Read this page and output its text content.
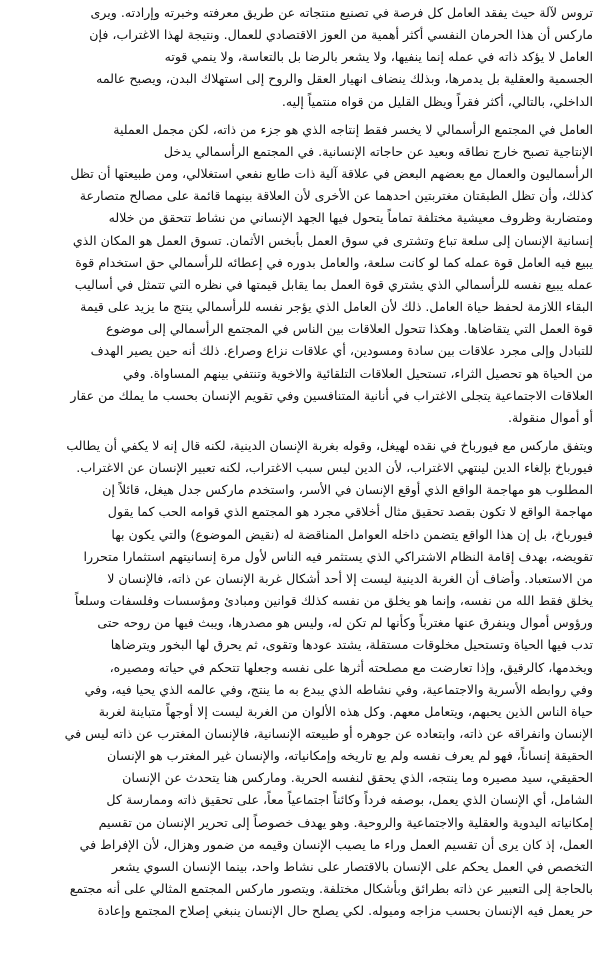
تروس لآلة حيث يفقد العامل كل فرصة في تصنيع منتجاته عن طريق معرفته وخبرته وإرادته. ويرى
ماركس أن هذا الحرمان النفسي أكثر أهمية من العوز الاقتصادي للعمال. ونتيجة لهذا الاغتراب، فإن
العامل لا يؤكد ذاته في عمله إنما ينفيها، ولا يشعر بالرضا بل بالتعاسة، ولا ينمي قوته
الجسمية والعقلية بل يدمرها، وبذلك ينضاف انهيار العقل والروح إلى استهلاك البدن، ويصبح عالمه
الداخلي، بالتالي، أكثر فقراً ويظل القليل من قواه منتمياً إليه.
العامل في المجتمع الرأسمالي لا يخسر فقط إنتاجه الذي هو جزء من ذاته، لكن مجمل العملية
الإنتاجية تصبح خارج نطاقه وبعيد عن حاجاته الإنسانية. في المجتمع الرأسمالي يدخل
الرأسماليون والعمال مع بعضهم البعض في علاقة آلية ذات طابع نفعي استغلالي، ومن طبيعتها أن تظل
كذلك، وأن تظل الطبقتان مغتربتين احدهما عن الأخرى لأن العلاقة بينهما قائمة على مصالح متصارعة
ومتضاربة وظروف معيشية مختلفة تماماً يتحول فيها الجهد الإنساني من نشاط تتحقق من خلاله
إنسانية الإنسان إلى سلعة تباع وتشترى في سوق العمل بأبخس الأثمان. تسوق العمل هو المكان الذي
يبيع فيه العامل قوة عمله كما لو كانت سلعة، والعامل بدوره في إعطائه للرأسمالي حق استخدام قوة
عمله يبيع نفسه للرأسمالي الذي يشتري قوة العمل بما يقابل قيمتها في نظره التي تتمثل في أساليب
البقاء اللازمة لحفظ حياة العامل. ذلك لأن العامل الذي يؤجر نفسه للرأسمالي ينتج ما يزيد على قيمة
قوة العمل التي يتقاضاها. وهكذا تتحول العلاقات بين الناس في المجتمع الرأسمالي إلى موضوع
للتبادل وإلى مجرد علاقات بين سادة ومسودين، أي علاقات نزاع وصراع. ذلك أنه حين يصير الهدف
من الحياة هو تحصيل الثراء، تستحيل العلاقات التلقائية والاخوية وتنتفي بينهم المساواة. وفي
العلاقات الاجتماعية يتجلى الاغتراب في أنانية المتنافسين وفي تقويم الإنسان بحسب ما يملك من عقار
أو أموال منقولة.
ويتفق ماركس مع فيورباخ في نقده لهيغل، وقوله بغربة الإنسان الدينية، لكنه قال إنه لا يكفي أن يطالب
فيورباخ بإلغاء الدين لينتهي الاغتراب، لأن الدين ليس سبب الاغتراب، لكنه تعبير الإنسان عن الاغتراب.
المطلوب هو مهاجمة الواقع الذي أوقع الإنسان في الأسر، واستخدم ماركس جدل هيغل، قائلاً إن
مهاجمة الواقع لا تكون بقصد تحقيق مثال أخلاقي مجرد هو المجتمع الذي قوامه الحب كما يقول
فيورباخ، بل إن هذا الواقع يتضمن داخله العوامل المناقضة له (نقيض الموضوع) والتي يكون بها
تقويضه، بهدف إقامة النظام الاشتراكي الذي يستثمر فيه الناس لأول مرة إنسانيتهم استثمارا متحررا
من الاستعباد. وأضاف أن الغربة الدينية ليست إلا أحد أشكال غربة الإنسان عن ذاته، فالإنسان لا
يخلق فقط الله من نفسه، وإنما هو يخلق من نفسه كذلك قوانين ومبادئ ومؤسسات وفلسفات وسلعاً
ورؤوس أموال وينفرق عنها مغترباً وكأنها لم تكن له، وليس هو مصدرها، ويبث فيها من روحه حتى
تدب فيها الحياة وتستحيل مخلوقات مستقلة، يشتد عودها وتقوى، ثم يحرق لها البخور ويترضاها
ويخدمها، كالرقيق، وإذا تعارضت مع مصلحته أثرها على نفسه وجعلها تتحكم في حياته ومصيره،
وفي روابطه الأسرية والاجتماعية، وفي نشاطه الذي يبدع به ما ينتج، وفي عالمه الذي يحيا فيه، وفي
حياة الناس الذين يحبهم، ويتعامل معهم. وكل هذه الألوان من الغربة ليست إلا أوجهاً متباينة لغربة
الإنسان وانفراقه عن ذاته، وابتعاده عن جوهره أو طبيعته الإنسانية، فالإنسان المغترب عن ذاته ليس في
الحقيقة إنساناً، فهو لم يعرف نفسه ولم يع تاريخه وإمكانياته، والإنسان غير المغترب هو الإنسان
الحقيقي، سيد مصيره وما ينتجه، الذي يحقق لنفسه الحرية. وماركس هنا يتحدث عن الإنسان
الشامل، أي الإنسان الذي يعمل، بوصفه فرداً وكائناً اجتماعياً معاً، على تحقيق ذاته وممارسة كل
إمكانياته اليدوية والعقلية والاجتماعية والروحية. وهو يهدف خصوصاً إلى تحرير الإنسان من تقسيم
العمل، إذ كان يرى أن تقسيم العمل وراء ما يصيب الإنسان وقيمه من ضمور وهزال، لأن الإفراط في
التخصص في العمل يحكم على الإنسان بالاقتصار على نشاط واحد، بينما الإنسان السوي يشعر
بالحاجة إلى التعبير عن ذاته بطرائق وبأشكال مختلفة. ويتصور ماركس المجتمع المثالي على أنه مجتمع
حر يعمل فيه الإنسان بحسب مزاجه وميوله. لكي يصلح حال الإنسان ينبغي إصلاح المجتمع وإعادة
